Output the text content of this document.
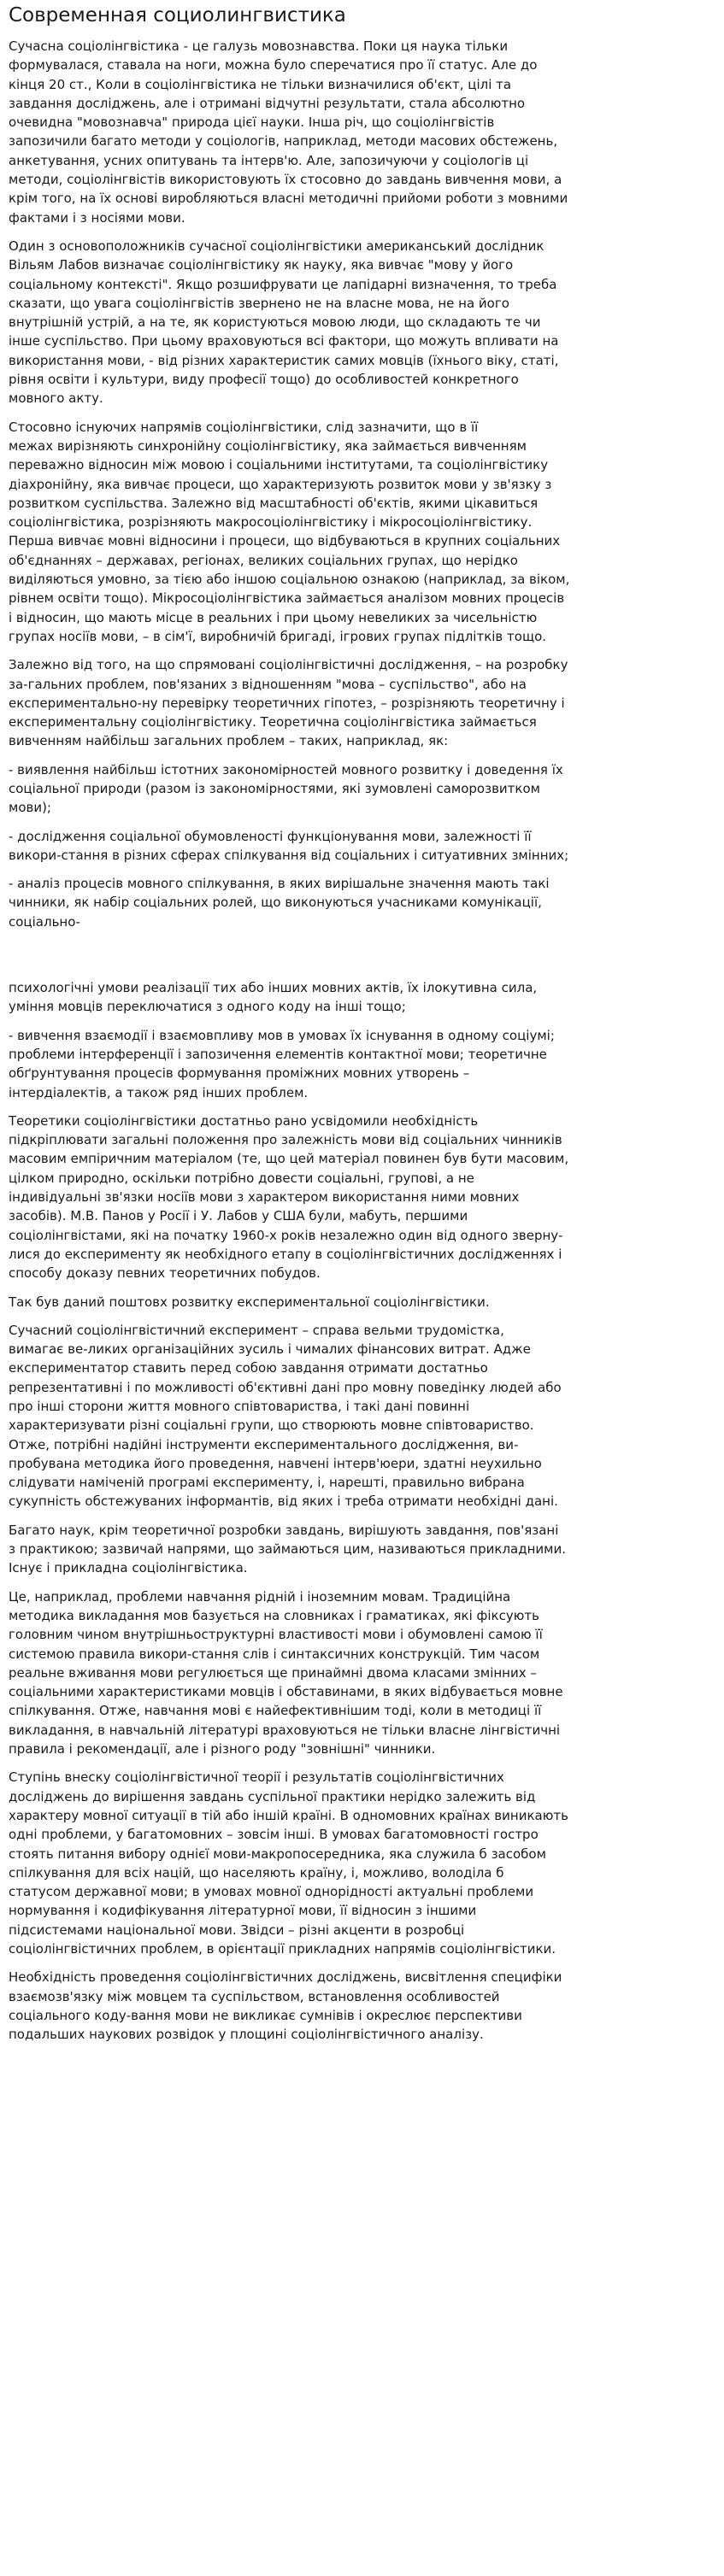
Современная социолингвистика

Сучасна соціолінгвістика - це галузь мовознавства. Поки ця наука тільки
формувалася, ставала на ноги, можна було сперечатися про її статус. Але до
кінця 20 ст., Коли в соціолінгвістика не тільки визначилися об'єкт, цілі та
завдання досліджень, але і отримані відчутні результати, стала абсолютно
очевидна "мовознавча" природа цієї науки. Інша річ, що соціолінгвістів
запозичили багато методи у соціологів, наприклад, методи масових обстежень,
анкетування, усних опитувань та інтерв'ю. Але, запозичуючи у соціологів ці
методи, соціолінгвістів використовують їх стосовно до завдань вивчення мови, а
крім того, на їх основі виробляються власні методичні прийоми роботи з мовними
фактами і з носіями мови.

Один з основоположників сучасної соціолінгвістики американський дослідник
Вільям Лабов визначає соціолінгвістику як науку, яка вивчає "мову у його
соціальному контексті". Якщо розшифрувати це лапідарні визначення, то треба
сказати, що увага соціолінгвістів звернено не на власне мова, не на його
внутрішній устрій, а на те, як користуються мовою люди, що складають те чи
інше суспільство. При цьому враховуються всі фактори, що можуть впливати на
використання мови, - від різних характеристик самих мовців (їхнього віку, статі,
рівня освіти і культури, виду професії тощо) до особливостей конкретного
мовного акту.

Стосовно існуючих напрямів соціолінгвістики, слід зазначити, що в її
межах вирізняють синхронійну соціолінгвістику, яка займається вивченням
переважно відносин між мовою і соціальними інститутами, та соціолінгвістику
діахронійну, яка вивчає процеси, що характеризують розвиток мови у зв'язку з
розвитком суспільства. Залежно від масштабності об'єктів, якими цікавиться
соціолінгвістика, розрізняють макросоціолінгвістику і мікросоціолінгвістику.
Перша вивчає мовні відносини і процеси, що відбуваються в крупних соціальних
об'єднаннях – державах, регіонах, великих соціальних групах, що нерідко
виділяються умовно, за тією або іншою соціальною ознакою (наприклад, за віком,
рівнем освіти тощо). Мікросоціолінгвістика займається аналізом мовних процесів
і відносин, що мають місце в реальних і при цьому невеликих за чисельністю
групах носіїв мови, – в сім'ї, виробничій бригаді, ігрових групах підлітків тощо.

Залежно від того, на що спрямовані соціолінгвістичні дослідження, – на розробку
за-гальних проблем, пов'язаних з відношенням "мова – суспільство", або на
експериментально-ну перевірку теоретичних гіпотез, – розрізняють теоретичну і
експериментальну соціолінгвістику. Теоретична соціолінгвістика займається
вивченням найбільш загальних проблем – таких, наприклад, як:

- виявлення найбільш істотних закономірностей мовного розвитку і доведення їх
соціальної природи (разом із закономірностями, які зумовлені саморозвитком
мови);

- дослідження соціальної обумовленості функціонування мови, залежності її
викори-стання в різних сферах спілкування від соціальних і ситуативних змінних;

- аналіз процесів мовного спілкування, в яких вирішальне значення мають такі
чинники, як набір соціальних ролей, що виконуються учасниками комунікації,
соціально-

психологічні умови реалізації тих або інших мовних актів, їх ілокутивна сила,
уміння мовців переключатися з одного коду на інші тощо;

- вивчення взаємодії і взаємовпливу мов в умовах їх існування в одному соціумі;
проблеми інтерференції і запозичення елементів контактної мови; теоретичне
обґрунтування процесів формування проміжних мовних утворень –
інтердіалектів, а також ряд інших проблем.

Теоретики соціолінгвістики достатньо рано усвідомили необхідність
підкріплювати загальні положення про залежність мови від соціальних чинників
масовим емпіричним матеріалом (те, що цей матеріал повинен був бути масовим,
цілком природно, оскільки потрібно довести соціальні, групові, а не
індивідуальні зв'язки носіїв мови з характером використання ними мовних
засобів). М.В. Панов у Росії і У. Лабов у США були, мабуть, першими
соціолінгвістами, які на початку 1960-х років незалежно один від одного зверну-
лися до експерименту як необхідного етапу в соціолінгвістичних дослідженнях і
способу доказу певних теоретичних побудов.

Так був даний поштовх розвитку експериментальної соціолінгвістики.

Сучасний соціолінгвістичний експеримент – справа вельми трудомістка,
вимагає ве-ликих організаційних зусиль і чималих фінансових витрат. Адже
експериментатор ставить перед собою завдання отримати достатньо
репрезентативні і по можливості об'єктивні дані про мовну поведінку людей або
про інші сторони життя мовного співтовариства, і такі дані повинні
характеризувати різні соціальні групи, що створюють мовне співтовариство.
Отже, потрібні надійні інструменти експериментального дослідження, ви-
пробувана методика його проведення, навчені інтерв'юери, здатні неухильно
слідувати наміченій програмі експерименту, і, нарешті, правильно вибрана
сукупність обстежуваних інформантів, від яких і треба отримати необхідні дані.

Багато наук, крім теоретичної розробки завдань, вирішують завдання, пов'язані
з практикою; зазвичай напрями, що займаються цим, називаються прикладними.
Існує і прикладна соціолінгвістика.

Це, наприклад, проблеми навчання рідній і іноземним мовам. Традиційна
методика викладання мов базується на словниках і граматиках, які фіксують
головним чином внутрішньоструктурні властивості мови і обумовлені самою її
системою правила викори-стання слів і синтаксичних конструкцій. Тим часом
реальне вживання мови регулюється ще принаймні двома класами змінних –
соціальними характеристиками мовців і обставинами, в яких відбувається мовне
спілкування. Отже, навчання мові є найефективнішим тоді, коли в методиці її
викладання, в навчальній літературі враховуються не тільки власне лінгвістичні
правила і рекомендації, але і різного роду "зовнішні" чинники.

Ступінь внеску соціолінгвістичної теорії і результатів соціолінгвістичних
досліджень до вирішення завдань суспільної практики нерідко залежить від
характеру мовної ситуації в тій або іншій країні. В одномовних країнах виникають
одні проблеми, у багатомовних – зовсім інші. В умовах багатомовності гостро
стоять питання вибору однієї мови-макропосередника, яка служила б засобом
спілкування для всіх націй, що населяють країну, і, можливо, володіла б
статусом державної мови; в умовах мовної однорідності актуальні проблеми
нормування і кодифікування літературної мови, її відносин з іншими
підсистемами національної мови. Звідси – різні акценти в розробці
соціолінгвістичних проблем, в орієнтації прикладних напрямів соціолінгвістики.

Необхідність проведення соціолінгвістичних досліджень, висвітлення специфіки
взаємозв'язку між мовцем та суспільством, встановлення особливостей
соціального коду-вання мови не викликає сумнівів і окреслює перспективи
подальших наукових розвідок у площині соціолінгвістичного аналізу.
